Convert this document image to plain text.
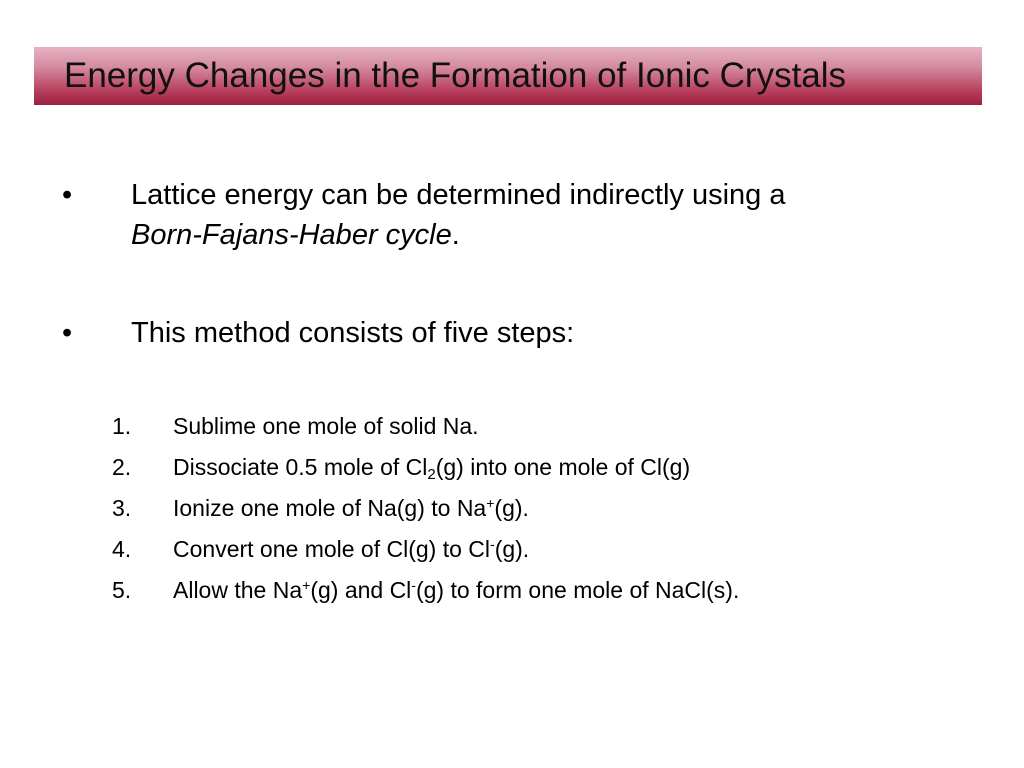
Energy Changes in the Formation of Ionic Crystals
• Lattice energy can be determined indirectly using a
Born-Fajans-Haber cycle.
• This method consists of five steps:
1. Sublime one mole of solid Na.
2. Dissociate 0.5 mole of $Cl_2(g)$ into one mole of Cl(g)
3. Ionize one mole of Na(g) to Na+(g).
4. Convert one mole of Cl(g) to Cl-(g).
5. Allow the Na+(g) and Cl-(g) to form one mole of NaCl(s).
